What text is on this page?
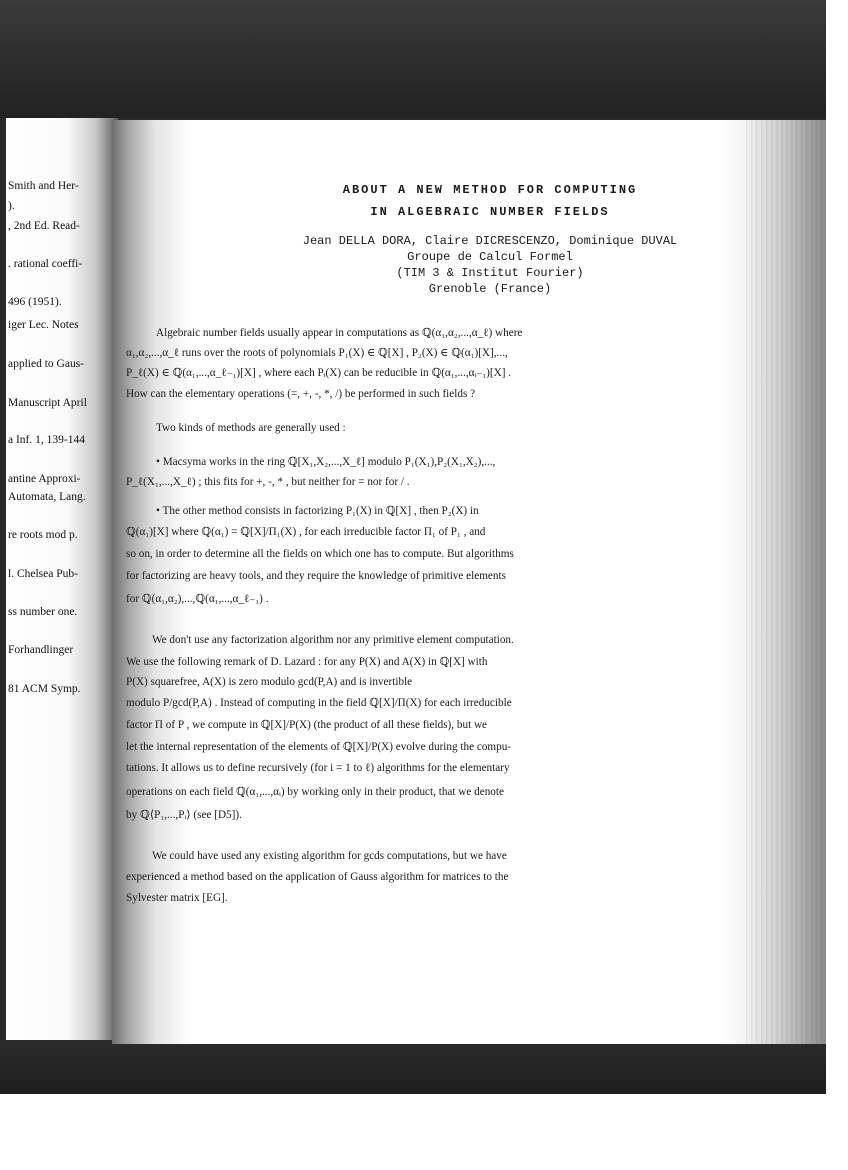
Smith and Her-
).
, 2nd Ed. Read-
. rational coeffi-
496 (1951).
iger Lec. Notes
applied to Gaus-
Manuscript April
a Inf. 1, 139-144
antine Approxi-
Automata, Lang.
re roots mod p.
l. Chelsea Pub-
ss number one.
Forhandlinger
81 ACM Symp.
ABOUT A NEW METHOD FOR COMPUTING
IN ALGEBRAIC NUMBER FIELDS
Jean DELLA DORA, Claire DICRESCENZO, Dominique DUVAL
Groupe de Calcul Formel
(TIM 3 & Institut Fourier)
Grenoble (France)
Algebraic number fields usually appear in computations as ℚ(α₁,α₂,...,α_ℓ) where
α₁,α₂,...,α_ℓ runs over the roots of polynomials P₁(X) ∈ ℚ[X] , P₂(X) ∈ ℚ(α₁)[X],...,
P_ℓ(X) ∈ ℚ(α₁,...,α_ℓ₋₁)[X] , where each Pᵢ(X) can be reducible in ℚ(α₁,...,αᵢ₋₁)[X] .
How can the elementary operations (=, +, -, *, /) be performed in such fields ?
Two kinds of methods are generally used :
• Macsyma works in the ring ℚ[X₁,X₂,...,X_ℓ] modulo P₁(X₁),P₂(X₁,X₂),...,
P_ℓ(X₁,...,X_ℓ) ; this fits for +, -, * , but neither for = nor for / .
• The other method consists in factorizing P₁(X) in ℚ[X] , then P₂(X) in
ℚ(α₁)[X] where ℚ(α₁) = ℚ[X]/Π₁(X) , for each irreducible factor Π₁ of P₁ , and
so on, in order to determine all the fields on which one has to compute. But algorithms
for factorizing are heavy tools, and they require the knowledge of primitive elements
for ℚ(α₁,α₂),...,ℚ(α₁,...,α_ℓ₋₁) .
We don't use any factorization algorithm nor any primitive element computation.
We use the following remark of D. Lazard : for any P(X) and A(X) in ℚ[X] with
P(X) squarefree, A(X) is zero modulo gcd(P,A) and is invertible
modulo P/gcd(P,A) . Instead of computing in the field ℚ[X]/Π(X) for each irreducible
factor Π of P , we compute in ℚ[X]/P(X) (the product of all these fields), but we
let the internal representation of the elements of ℚ[X]/P(X) evolve during the compu-
tations. It allows us to define recursively (for i = 1 to ℓ) algorithms for the elementary
operations on each field ℚ(α₁,...,αᵢ) by working only in their product, that we denote
by ℚ⟨P₁,...,Pᵢ⟩ (see [D5]).
We could have used any existing algorithm for gcds computations, but we have
experienced a method based on the application of Gauss algorithm for matrices to the
Sylvester matrix [EG].
